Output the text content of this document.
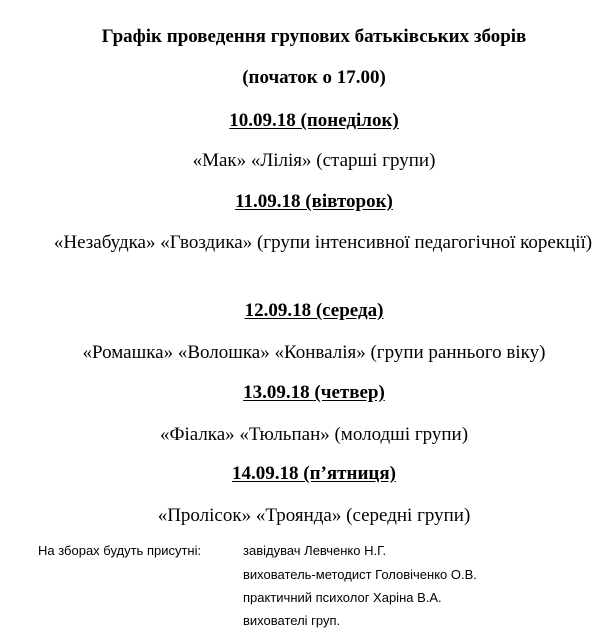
Графік проведення групових батьківських зборів
(початок о 17.00)
10.09.18 (понеділок)
«Мак» «Лілія» (старші групи)
11.09.18 (вівторок)
«Незабудка» «Гвоздика» (групи інтенсивної педагогічної корекції)
12.09.18 (середа)
«Ромашка» «Волошка» «Конвалія» (групи раннього віку)
13.09.18 (четвер)
«Фіалка» «Тюльпан» (молодші групи)
14.09.18 (п’ятниця)
«Пролісок» «Троянда» (середні групи)
На зборах будуть присутні:	завідувач Левченко Н.Г.
вихователь-методист Головіченко О.В.
практичний психолог Харіна В.А.
вихователі груп.
